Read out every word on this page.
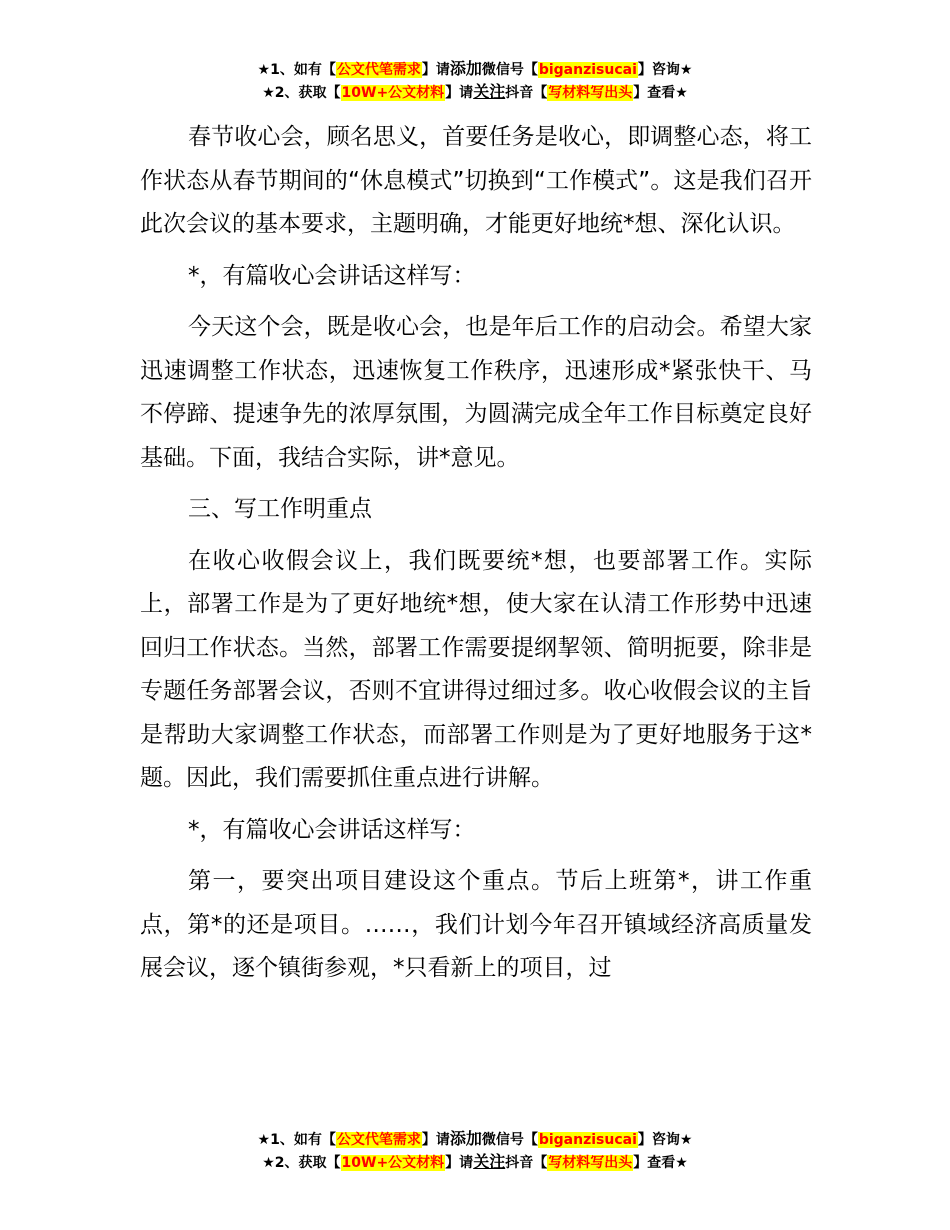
★1、如有【公文代笔需求】请添加微信号【biganzisucai】咨询★
★2、获取【10W+公文材料】请关注抖音【写材料写出头】查看★

春节收心会，顾名思义，首要任务是收心，即调整心态，将工作状态从春节期间的“休息模式”切换到“工作模式”。这是我们召开此次会议的基本要求，主题明确，才能更好地统*想、深化认识。

*，有篇收心会讲话这样写：

今天这个会，既是收心会，也是年后工作的启动会。希望大家迅速调整工作状态，迅速恢复工作秩序，迅速形成*紧张快干、马不停蹄、提速争先的浓厚氛围，为圆满完成全年工作目标奠定良好基础。下面，我结合实际，讲*意见。

三、写工作明重点

在收心收假会议上，我们既要统*想，也要部署工作。实际上，部署工作是为了更好地统*想，使大家在认清工作形势中迅速回归工作状态。当然，部署工作需要提纲挈领、简明扼要，除非是专题任务部署会议，否则不宜讲得过细过多。收心收假会议的主旨是帮助大家调整工作状态，而部署工作则是为了更好地服务于这*题。因此，我们需要抓住重点进行讲解。

*，有篇收心会讲话这样写：

第一，要突出项目建设这个重点。节后上班第*，讲工作重点，第*的还是项目。……，我们计划今年召开镇域经济高质量发展会议，逐个镇街参观，*只看新上的项目，过

★1、如有【公文代笔需求】请添加微信号【biganzisucai】咨询★
★2、获取【10W+公文材料】请关注抖音【写材料写出头】查看★
